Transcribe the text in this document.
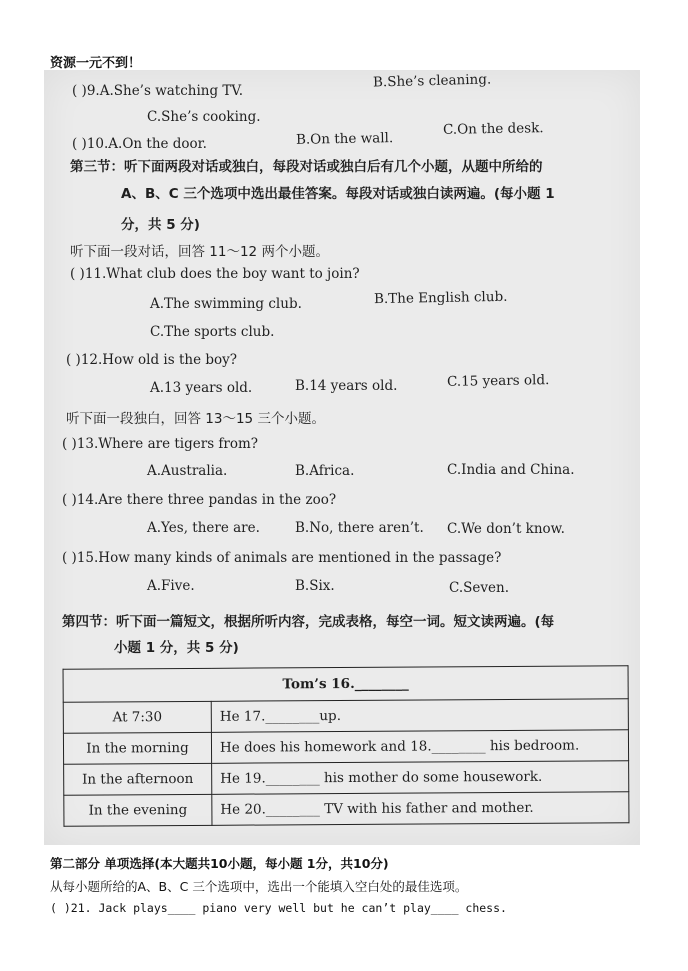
资源一元不到！
( )9.A.She’s watching TV.
B.She’s cleaning.
C.She’s cooking.
( )10.A.On the door.	B.On the wall.
C.On the desk.
第三节：听下面两段对话或独白，每段对话或独白后有几个小题，从题中所给的
A、B、C 三个选项中选出最佳答案。每段对话或独白读两遍。(每小题 1
分，共 5 分)
听下面一段对话，回答 11～12 两个小题。
( )11.What club does the boy want to join?
A.The swimming club.	B.The English club.
C.The sports club.
( )12.How old is the boy?
A.13 years old.	B.14 years old.	C.15 years old.
听下面一段独白，回答 13～15 三个小题。
( )13.Where are tigers from?
A.Australia.	B.Africa.	C.India and China.
( )14.Are there three pandas in the zoo?
A.Yes, there are.	B.No, there aren’t. C.We don’t know.
( )15.How many kinds of animals are mentioned in the passage?
A.Five.	B.Six.	C.Seven.
第四节：听下面一篇短文，根据所听内容，完成表格，每空一词。短文读两遍。(每
小题 1 分，共 5 分)
Tom’s 16.________	
At 7:30	He 17.________up.
In the morning	He does his homework and 18.________ his bedroom.
In the afternoon	He 19.________ his mother do some housework.
In the evening	He 20.________ TV with his father and mother.
第二部分 单项选择(本大题共10小题，每小题 1分，共10分)
从每小题所给的A、B、C 三个选项中，选出一个能填入空白处的最佳选项。
( )21. Jack plays____ piano very well but he can’t play____ chess.
